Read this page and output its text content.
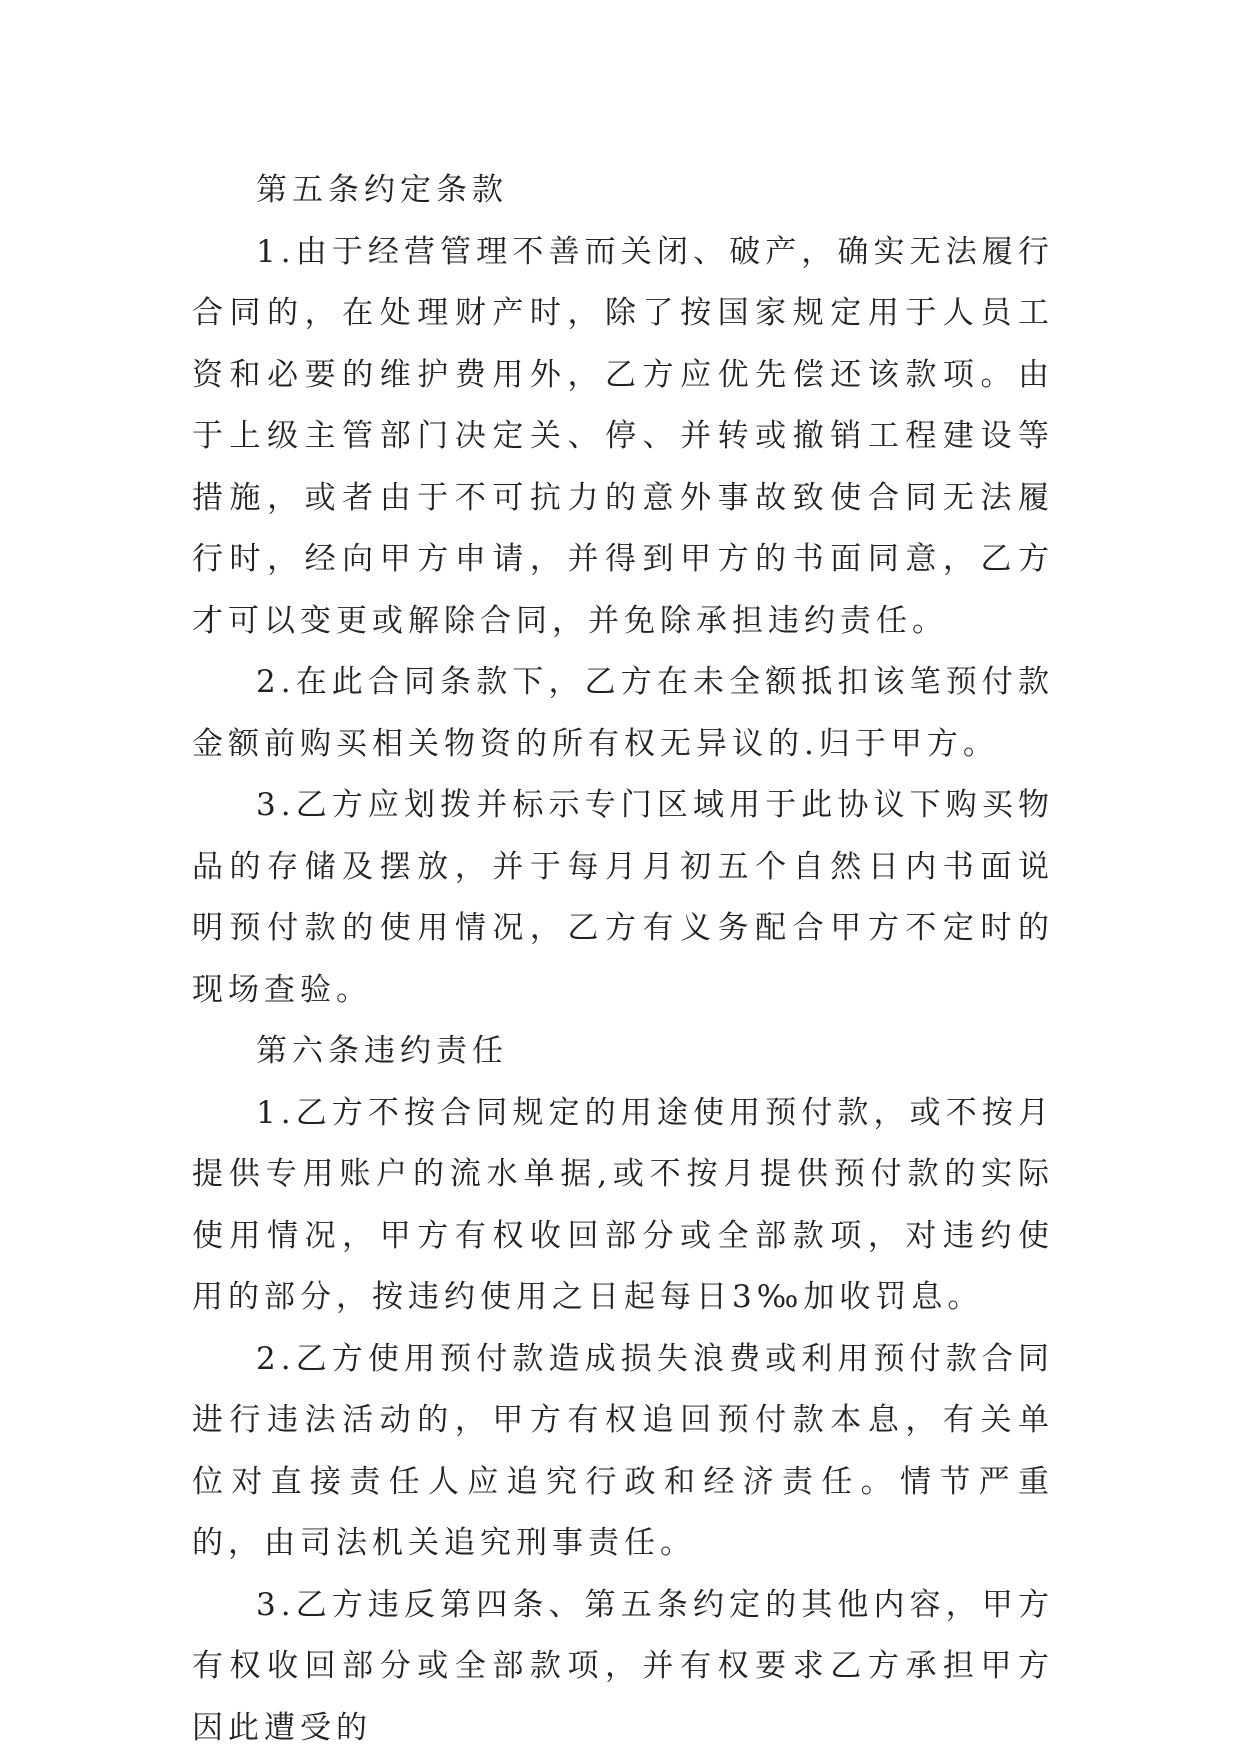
第五条约定条款

1.由于经营管理不善而关闭、破产，确实无法履行合同的，在处理财产时，除了按国家规定用于人员工资和必要的维护费用外，乙方应优先偿还该款项。由于上级主管部门决定关、停、并转或撤销工程建设等措施，或者由于不可抗力的意外事故致使合同无法履行时，经向甲方申请，并得到甲方的书面同意，乙方才可以变更或解除合同，并免除承担违约责任。

2.在此合同条款下，乙方在未全额抵扣该笔预付款金额前购买相关物资的所有权无异议的.归于甲方。

3.乙方应划拨并标示专门区域用于此协议下购买物品的存储及摆放，并于每月月初五个自然日内书面说明预付款的使用情况，乙方有义务配合甲方不定时的现场查验。

第六条违约责任

1.乙方不按合同规定的用途使用预付款，或不按月提供专用账户的流水单据,或不按月提供预付款的实际使用情况，甲方有权收回部分或全部款项，对违约使用的部分，按违约使用之日起每日3‰加收罚息。

2.乙方使用预付款造成损失浪费或利用预付款合同进行违法活动的，甲方有权追回预付款本息，有关单位对直接责任人应追究行政和经济责任。情节严重的，由司法机关追究刑事责任。

3.乙方违反第四条、第五条约定的其他内容，甲方有权收回部分或全部款项，并有权要求乙方承担甲方因此遭受的
